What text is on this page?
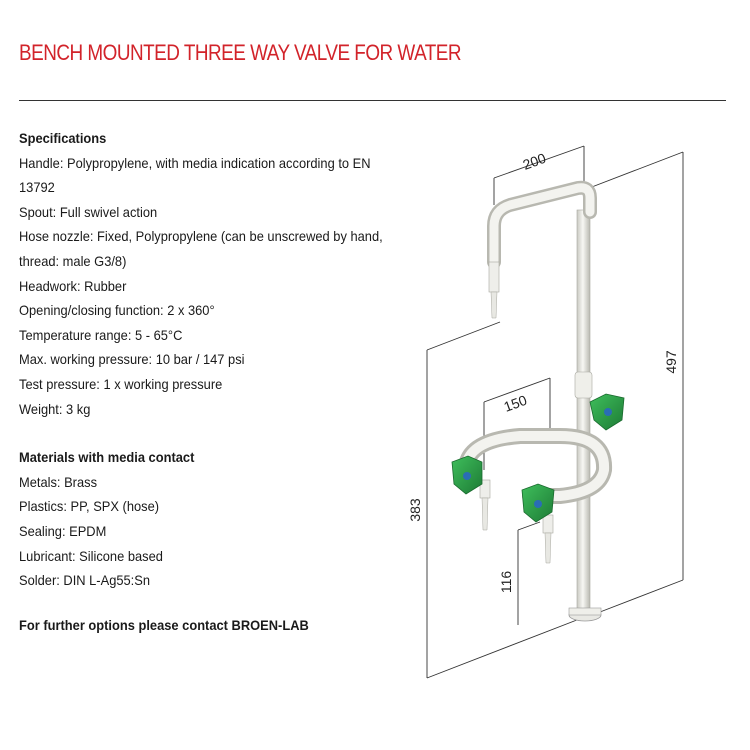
BENCH MOUNTED THREE WAY VALVE FOR WATER
Specifications
Handle: Polypropylene, with media indication according to EN
13792
Spout: Full swivel action
Hose nozzle: Fixed, Polypropylene (can be unscrewed by hand,
thread: male G3/8)
Headwork: Rubber
Opening/closing function: 2 x 360°
Temperature range: 5 - 65°C
Max. working pressure: 10 bar / 147 psi
Test pressure: 1 x working pressure
Weight: 3 kg
Materials with media contact
Metals: Brass
Plastics: PP, SPX (hose)
Sealing: EPDM
Lubricant: Silicone based
Solder: DIN L-Ag55:Sn
For further options please contact BROEN-LAB
200
497
150
383
116
